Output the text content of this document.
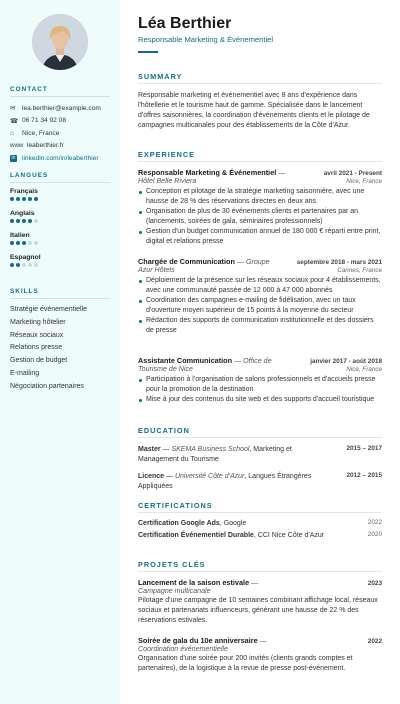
CONTACT
✉ lea.berthier@example.com
☎ 06 71 34 92 08
⌂	Nice, France
www leaberthier.fr
in linkedin.com/in/leaberthier
LANGUES
Français
Anglais
Italien
Espagnol
SKILLS
Stratégie événementielle
Marketing hôtelier
Réseaux sociaux
Relations presse
Gestion de budget
E-mailing
Négociation partenaires
Léa Berthier
Responsable Marketing & Événementiel
SUMMARY

Responsable marketing et événementiel avec 8 ans d'expérience dans l'hôtellerie et le tourisme haut de gamme. Spécialisée dans le lancement d'offres saisonnières, la coordination d'événements clients et le pilotage de campagnes multicanales pour des établissements de la Côte d'Azur.

EXPERIENCE
Responsable Marketing & Événementiel —	avril 2021 - Present
Hôtel Belle Riviera	Nice, France
Conception et pilotage de la stratégie marketing saisonnière, avec une hausse de 28 % des réservations directes en deux ans
Organisation de plus de 30 événements clients et partenaires par an (lancements, soirées de gala, séminaires professionnels)
Gestion d'un budget communication annuel de 180 000 € réparti entre print, digital et relations presse
Chargée de Communication — Groupe	septembre 2018 - mars 2021
Azur Hôtels	Cannes, France
Déploiement de la présence sur les réseaux sociaux pour 4 établissements, avec une communauté passée de 12 000 à 47 000 abonnés
Coordination des campagnes e-mailing de fidélisation, avec un taux d'ouverture moyen supérieur de 15 points à la moyenne du secteur
Rédaction des supports de communication institutionnelle et des dossiers de presse
Assistante Communication — Office de	janvier 2017 - août 2018
Tourisme de Nice	Nice, France
Participation à l'organisation de salons professionnels et d'accueils presse pour la promotion de la destination
Mise à jour des contenus du site web et des supports d'accueil touristique
EDUCATION
Master — SKEMA Business School, Marketing et Management du Tourisme
2015 – 2017
Licence — Université Côte d'Azur, Langues Étrangères Appliquées
2012 – 2015
CERTIFICATIONS
Certification Google Ads, Google	2022
Certification Événementiel Durable, CCI Nice Côte d'Azur	2020
PROJETS CLÉS
Lancement de la saison estivale —	2023
Campagne multicanale

Pilotage d'une campagne de 10 semaines combinant affichage local, réseaux sociaux et partenariats influenceurs, générant une hausse de 22 % des réservations estivales.

Soirée de gala du 10e anniversaire —	2022
Coordination événementielle

Organisation d'une soirée pour 200 invités (clients grands comptes et partenaires), de la logistique à la revue de presse post-événement.
